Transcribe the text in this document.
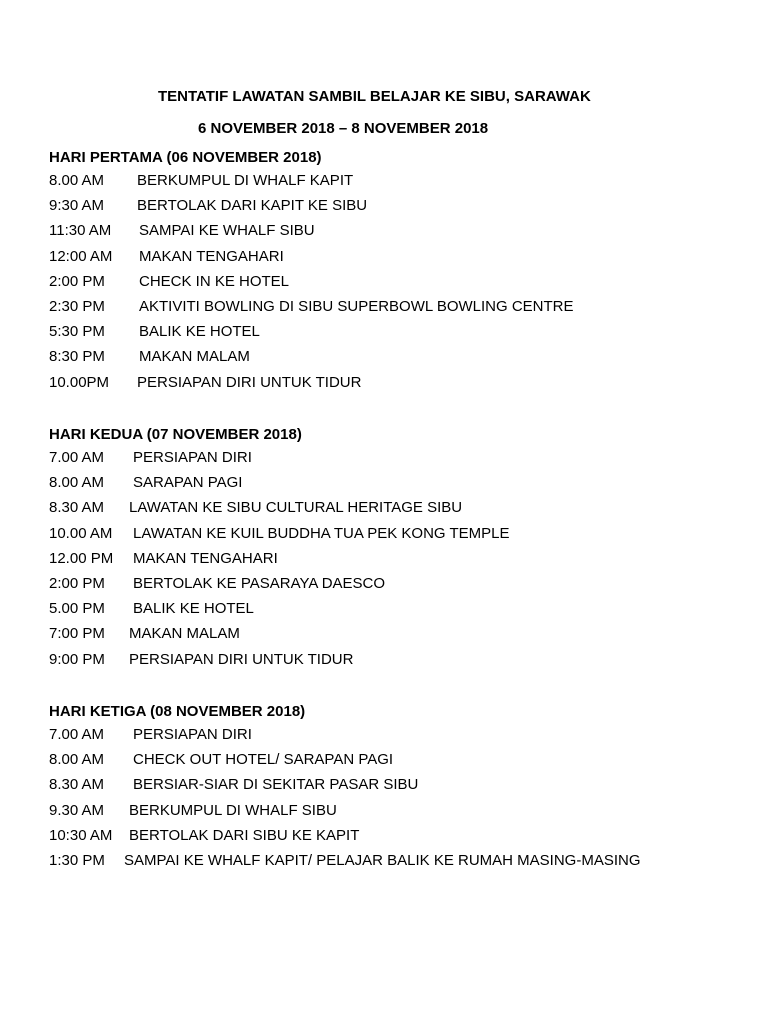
TENTATIF LAWATAN SAMBIL BELAJAR KE SIBU, SARAWAK
6 NOVEMBER 2018 – 8 NOVEMBER 2018
HARI PERTAMA (06 NOVEMBER 2018)
8.00 AM BERKUMPUL DI WHALF KAPIT
9:30 AM BERTOLAK DARI KAPIT KE SIBU
11:30 AM SAMPAI KE WHALF SIBU
12:00 AM MAKAN TENGAHARI
2:00 PM CHECK IN KE HOTEL
2:30 PM AKTIVITI BOWLING DI SIBU SUPERBOWL BOWLING CENTRE
5:30 PM BALIK KE HOTEL
8:30 PM MAKAN MALAM
10.00PM PERSIAPAN DIRI UNTUK TIDUR
HARI KEDUA (07 NOVEMBER 2018)
7.00 AM PERSIAPAN DIRI
8.00 AM SARAPAN PAGI
8.30 AM LAWATAN KE SIBU CULTURAL HERITAGE SIBU
10.00 AM LAWATAN KE KUIL BUDDHA TUA PEK KONG TEMPLE
12.00 PM MAKAN TENGAHARI
2:00 PM BERTOLAK KE PASARAYA DAESCO
5.00 PM BALIK KE HOTEL
7:00 PM MAKAN MALAM
9:00 PM PERSIAPAN DIRI UNTUK TIDUR
HARI KETIGA (08 NOVEMBER 2018)
7.00 AM PERSIAPAN DIRI
8.00 AM CHECK OUT HOTEL/ SARAPAN PAGI
8.30 AM BERSIAR-SIAR DI SEKITAR PASAR SIBU
9.30 AM BERKUMPUL DI WHALF SIBU
10:30 AM BERTOLAK DARI SIBU KE KAPIT
1:30 PM SAMPAI KE WHALF KAPIT/ PELAJAR BALIK KE RUMAH MASING-MASING
